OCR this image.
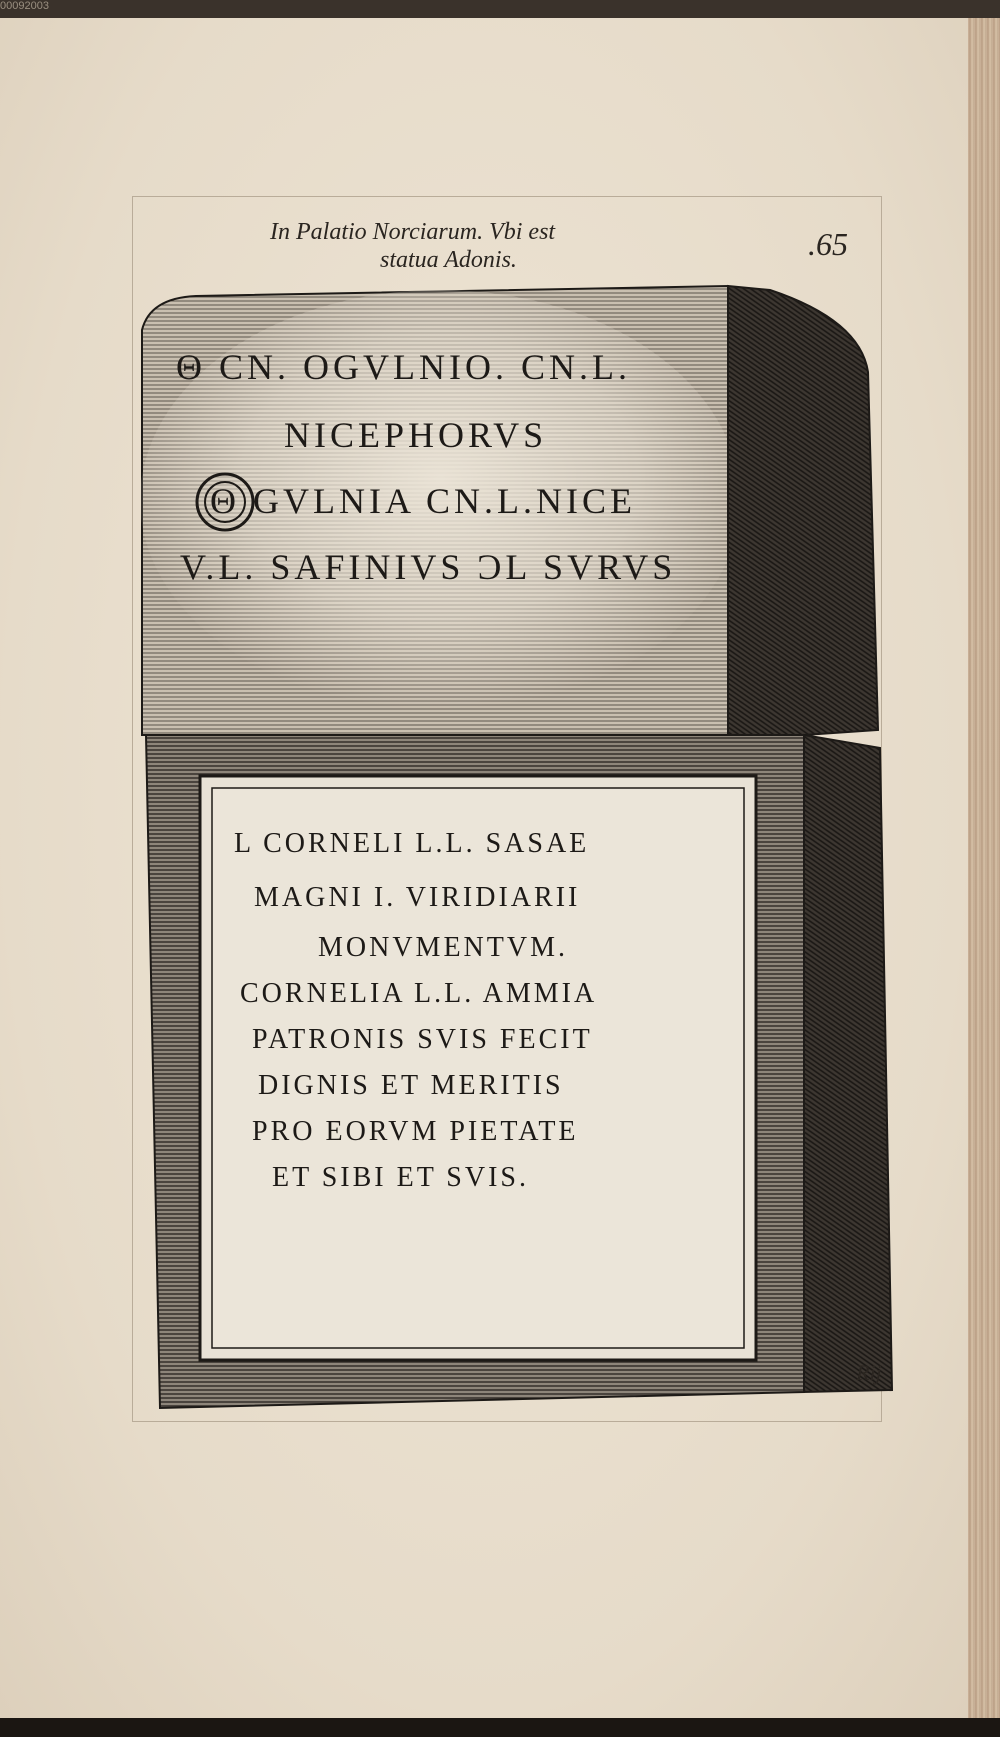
00092003
In Palatio Norciarum. Vbi est
statua Adonis.	.65
Θ CN. OGVLNIO. CN.L.
NICEPHORVS
Θ GVLNIA CN.L.NICE
V.L. SAFINIVS ƆL SVRVS
L CORNELI L.L. SASAE
MAGNI I. VIRIDIARII
MONVMENTVM.
CORNELIA L.L. AMMIA
PATRONIS SVIS FECIT
DIGNIS ET MERITIS
PRO EORVM PIETATE
ET SIBI ET SVIS.
Rij
